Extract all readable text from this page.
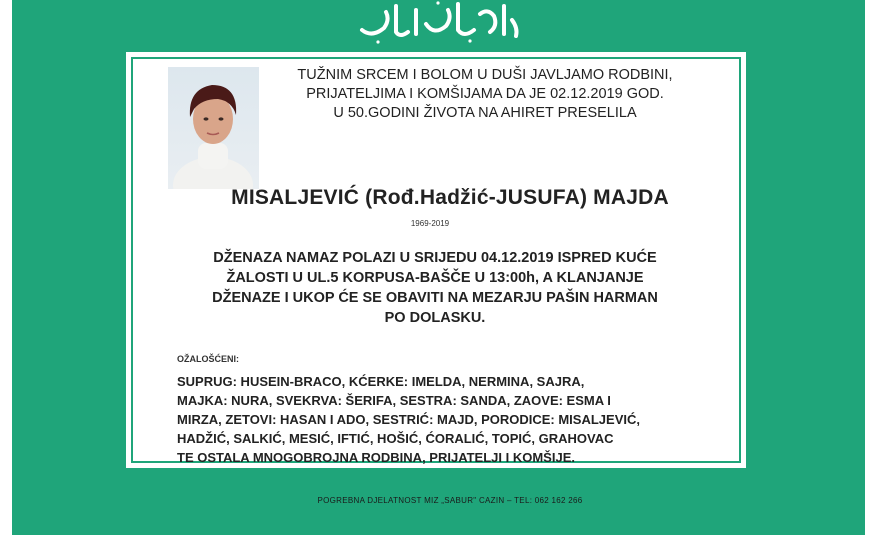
TUŽNIM SRCEM I BOLOM U DUŠI JAVLJAMO RODBINI,
PRIJATELJIMA I KOMŠIJAMA DA JE 02.12.2019 GOD.
U 50.GODINI ŽIVOTA NA AHIRET PRESELILA
MISALJEVIĆ (Rođ.Hadžić-JUSUFA) MAJDA
1969-2019
DŽENAZA NAMAZ POLAZI U SRIJEDU 04.12.2019 ISPRED KUĆE
ŽALOSTI U UL.5 KORPUSA-BAŠČE U 13:00h, A KLANJANJE
DŽENAZE I UKOP ĆE SE OBAVITI NA MEZARJU PAŠIN HARMAN
PO DOLASKU.
OŽALOŠĆENI:
SUPRUG: HUSEIN-BRACO, KĆERKE: IMELDA, NERMINA, SAJRA,
MAJKA: NURA, SVEKRVA: ŠERIFA, SESTRA: SANDA, ZAOVE: ESMA I
MIRZA, ZETOVI: HASAN I ADO, SESTRIĆ: MAJD, PORODICE: MISALJEVIĆ,
HADŽIĆ, SALKIĆ, MESIĆ, IFTIĆ, HOŠIĆ, ĆORALIĆ, TOPIĆ, GRAHOVAC
TE OSTALA MNOGOBROJNA RODBINA, PRIJATELJI I KOMŠIJE.
POGREBNA DJELATNOST MIZ „SABUR" CAZIN – TEL: 062 162 266
